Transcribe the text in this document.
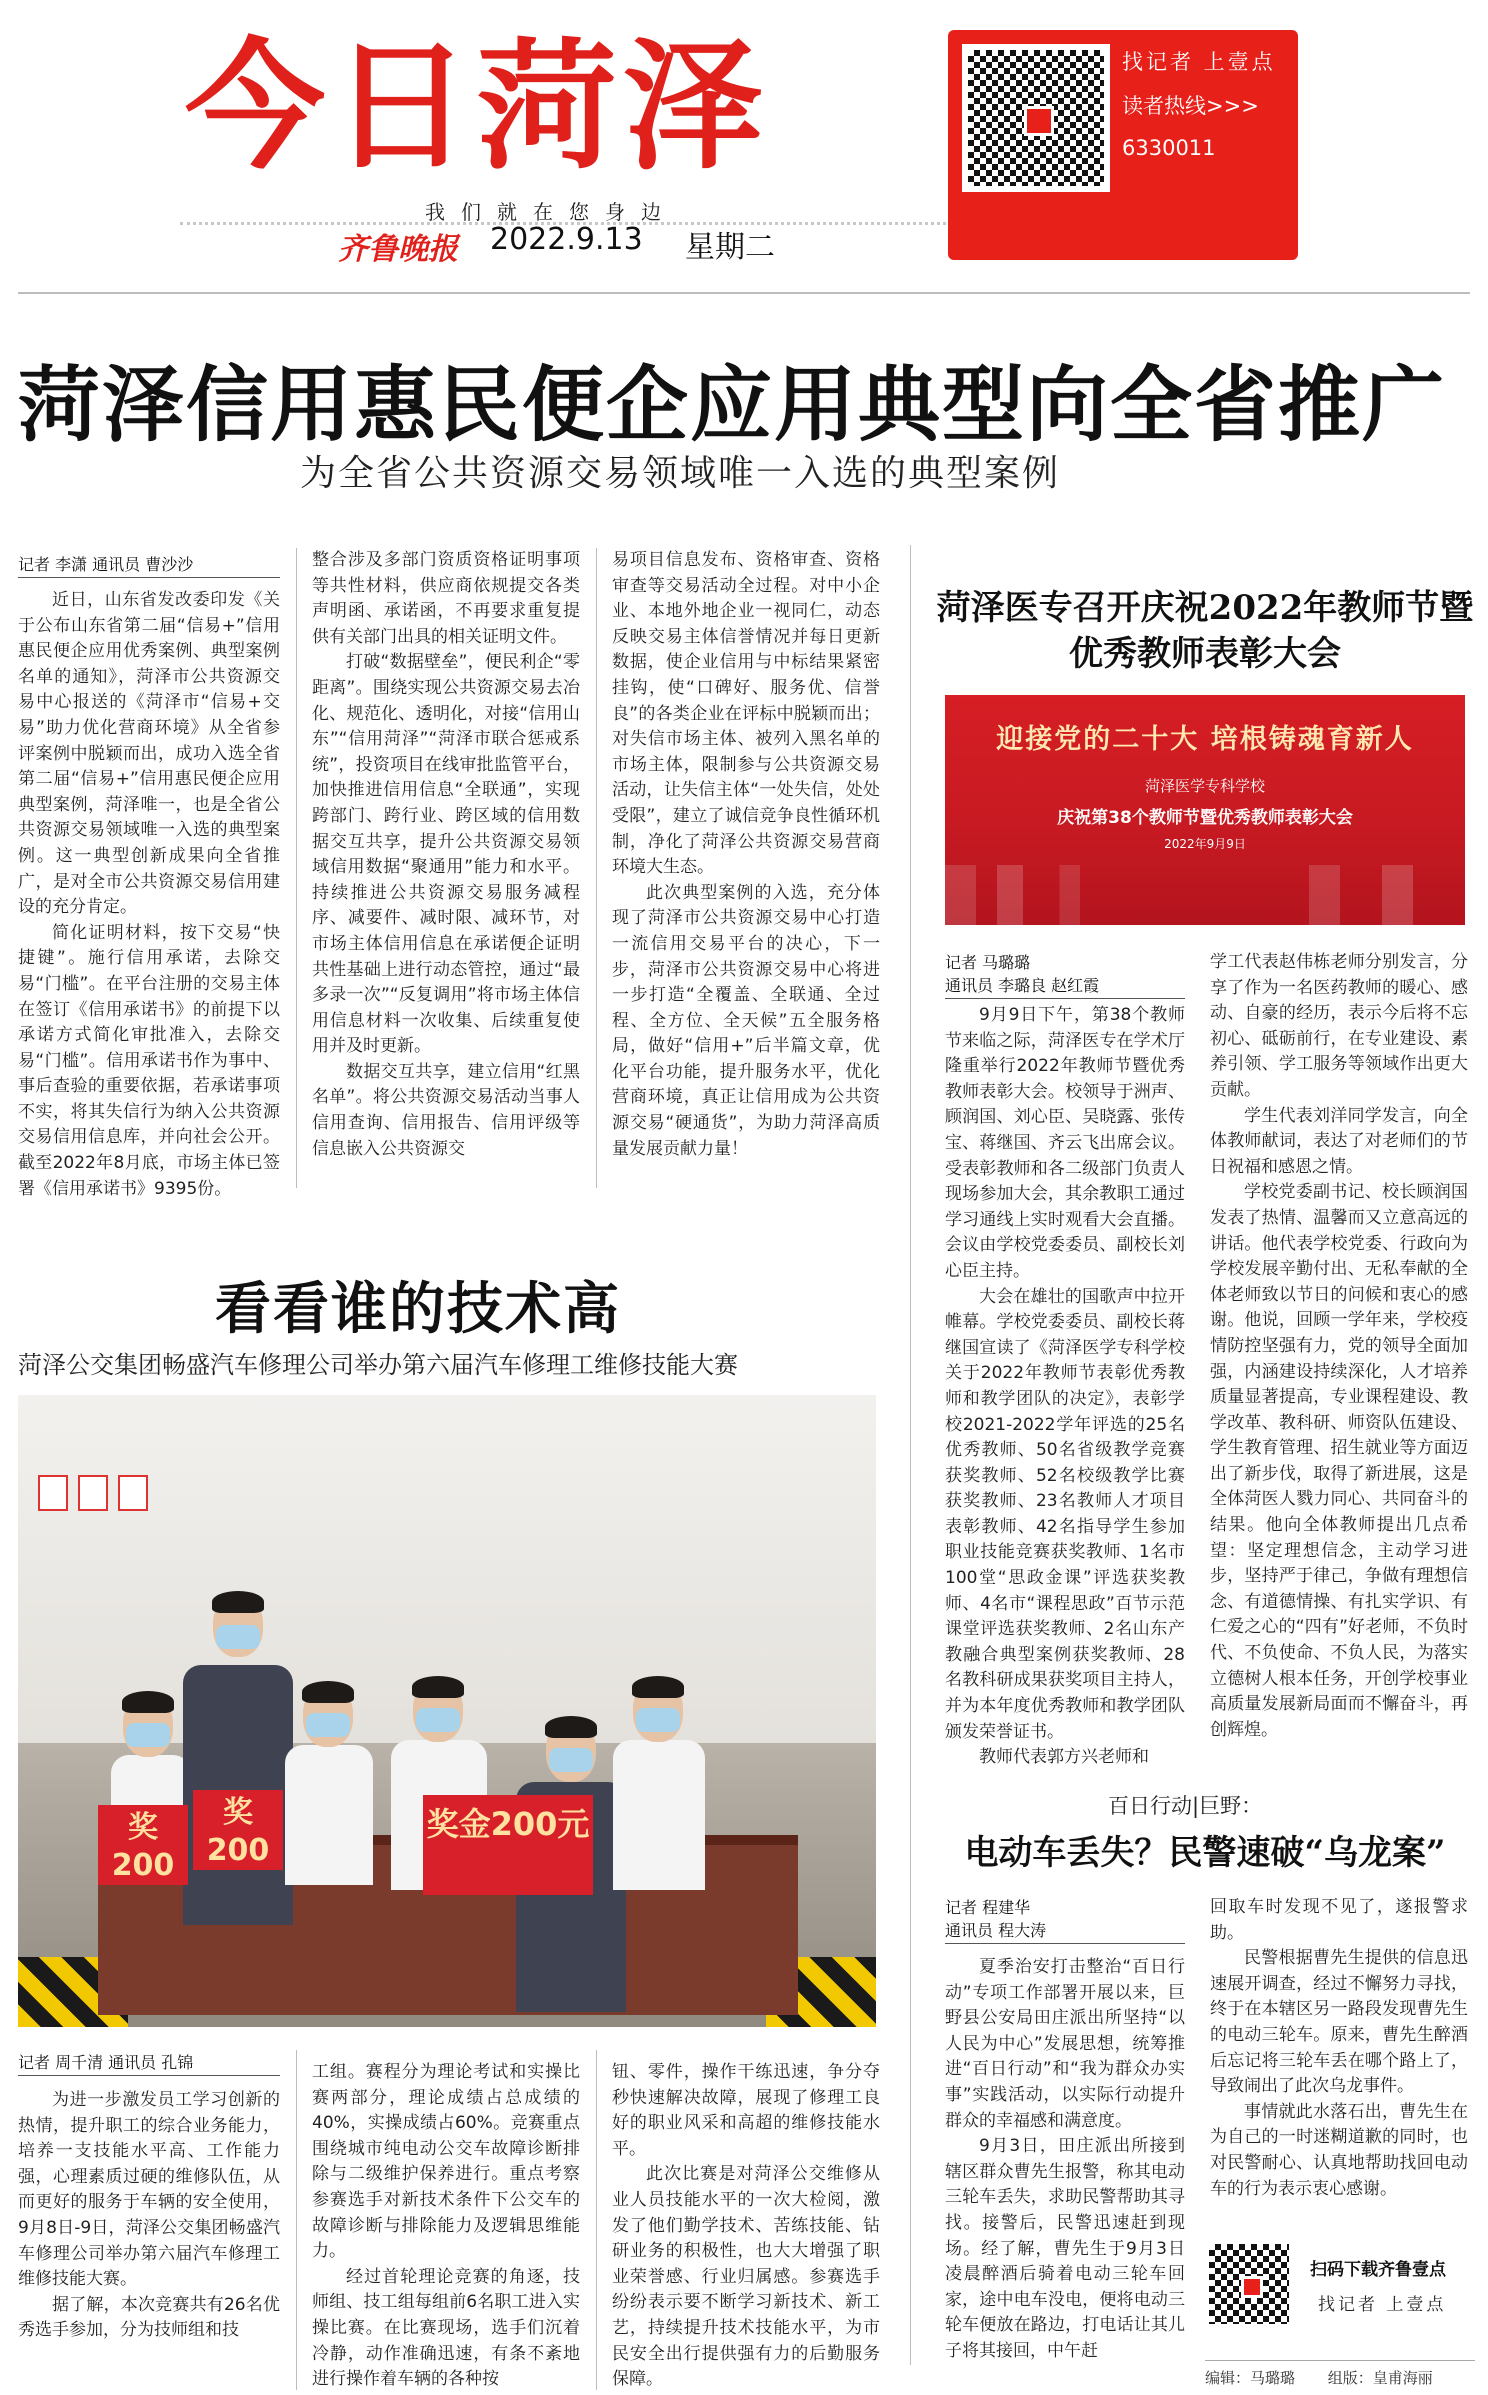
今日菏泽
我们就在您身边
齐鲁晚报 2022.9.13 星期二
找记者 上壹点
读者热线>>>
6330011
菏泽信用惠民便企应用典型向全省推广
为全省公共资源交易领域唯一入选的典型案例
记者 李潇 通讯员 曹沙沙

近日，山东省发改委印发《关于公布山东省第二届“信易+”信用惠民便企应用优秀案例、典型案例名单的通知》，菏泽市公共资源交易中心报送的《菏泽市“信易+交易”助力优化营商环境》从全省参评案例中脱颖而出，成功入选全省第二届“信易+”信用惠民便企应用典型案例，菏泽唯一，也是全省公共资源交易领域唯一入选的典型案例。这一典型创新成果向全省推广，是对全市公共资源交易信用建设的充分肯定。

简化证明材料，按下交易“快捷键”。施行信用承诺，去除交易“门槛”。在平台注册的交易主体在签订《信用承诺书》的前提下以承诺方式简化审批准入，去除交易“门槛”。信用承诺书作为事中、事后查验的重要依据，若承诺事项不实，将其失信行为纳入公共资源交易信用信息库，并向社会公开。截至2022年8月底，市场主体已签署《信用承诺书》9395份。

整合涉及多部门资质资格证明事项等共性材料，供应商依规提交各类声明函、承诺函，不再要求重复提供有关部门出具的相关证明文件。

打破“数据壁垒”，便民利企“零距离”。围绕实现公共资源交易去冶化、规范化、透明化，对接“信用山东”“信用菏泽”“菏泽市联合惩戒系统”，投资项目在线审批监管平台，加快推进信用信息“全联通”，实现跨部门、跨行业、跨区域的信用数据交互共享，提升公共资源交易领域信用数据“聚通用”能力和水平。持续推进公共资源交易服务减程序、减要件、减时限、减环节，对市场主体信用信息在承诺便企证明共性基础上进行动态管控，通过“最多录一次”“反复调用”将市场主体信用信息材料一次收集、后续重复使用并及时更新。

数据交互共享，建立信用“红黑名单”。将公共资源交易活动当事人信用查询、信用报告、信用评级等信息嵌入公共资源交

易项目信息发布、资格审查、资格审查等交易活动全过程。对中小企业、本地外地企业一视同仁，动态反映交易主体信誉情况并每日更新数据，使企业信用与中标结果紧密挂钩，使“口碑好、服务优、信誉良”的各类企业在评标中脱颖而出；对失信市场主体、被列入黑名单的市场主体，限制参与公共资源交易活动，让失信主体“一处失信，处处受限”，建立了诚信竞争良性循环机制，净化了菏泽公共资源交易营商环境大生态。

此次典型案例的入选，充分体现了菏泽市公共资源交易中心打造一流信用交易平台的决心，下一步，菏泽市公共资源交易中心将进一步打造“全覆盖、全联通、全过程、全方位、全天候”五全服务格局，做好“信用+”后半篇文章，优化平台功能，提升服务水平，优化营商环境，真正让信用成为公共资源交易“硬通货”，为助力菏泽高质量发展贡献力量！

菏泽医专召开庆祝2022年教师节暨优秀教师表彰大会
迎接党的二十大 培根铸魂育新人
菏泽医学专科学校
庆祝第38个教师节暨优秀教师表彰大会
2022年9月9日
记者 马璐璐
通讯员 李璐良 赵红霞

9月9日下午，第38个教师节来临之际，菏泽医专在学术厅隆重举行2022年教师节暨优秀教师表彰大会。校领导于洲声、顾润国、刘心臣、吴晓露、张传宝、蒋继国、齐云飞出席会议。受表彰教师和各二级部门负责人现场参加大会，其余教职工通过学习通线上实时观看大会直播。会议由学校党委委员、副校长刘心臣主持。

大会在雄壮的国歌声中拉开帷幕。学校党委委员、副校长蒋继国宣读了《菏泽医学专科学校关于2022年教师节表彰优秀教师和教学团队的决定》，表彰学校2021-2022学年评选的25名优秀教师、50名省级教学竞赛获奖教师、52名校级教学比赛获奖教师、23名教师人才项目表彰教师、42名指导学生参加职业技能竞赛获奖教师、1名市100堂“思政金课”评选获奖教师、4名市“课程思政”百节示范课堂评选获奖教师、2名山东产教融合典型案例获奖教师、28名教科研成果获奖项目主持人，并为本年度优秀教师和教学团队颁发荣誉证书。

教师代表郭方兴老师和

学工代表赵伟栋老师分别发言，分享了作为一名医药教师的暖心、感动、自豪的经历，表示今后将不忘初心、砥砺前行，在专业建设、素养引领、学工服务等领域作出更大贡献。

学生代表刘洋同学发言，向全体教师献词，表达了对老师们的节日祝福和感恩之情。

学校党委副书记、校长顾润国发表了热情、温馨而又立意高远的讲话。他代表学校党委、行政向为学校发展辛勤付出、无私奉献的全体老师致以节日的问候和衷心的感谢。他说，回顾一学年来，学校疫情防控坚强有力，党的领导全面加强，内涵建设持续深化，人才培养质量显著提高，专业课程建设、教学改革、教科研、师资队伍建设、学生教育管理、招生就业等方面迈出了新步伐，取得了新进展，这是全体菏医人戮力同心、共同奋斗的结果。他向全体教师提出几点希望：坚定理想信念，主动学习进步，坚持严于律己，争做有理想信念、有道德情操、有扎实学识、有仁爱之心的“四有”好老师，不负时代、不负使命、不负人民，为落实立德树人根本任务，开创学校事业高质量发展新局面而不懈奋斗，再创辉煌。

看看谁的技术高
菏泽公交集团畅盛汽车修理公司举办第六届汽车修理工维修技能大赛
奖
200
奖
200
奖金200元
记者 周千清 通讯员 孔锦

为进一步激发员工学习创新的热情，提升职工的综合业务能力，培养一支技能水平高、工作能力强，心理素质过硬的维修队伍，从而更好的服务于车辆的安全使用，9月8日-9日，菏泽公交集团畅盛汽车修理公司举办第六届汽车修理工维修技能大赛。

据了解，本次竞赛共有26名优秀选手参加，分为技师组和技

工组。赛程分为理论考试和实操比赛两部分，理论成绩占总成绩的40%，实操成绩占60%。竞赛重点围绕城市纯电动公交车故障诊断排除与二级维护保养进行。重点考察参赛选手对新技术条件下公交车的故障诊断与排除能力及逻辑思维能力。

经过首轮理论竞赛的角逐，技师组、技工组每组前6名职工进入实操比赛。在比赛现场，选手们沉着冷静，动作准确迅速，有条不紊地进行操作着车辆的各种按

钮、零件，操作干练迅速，争分夺秒快速解决故障，展现了修理工良好的职业风采和高超的维修技能水平。

此次比赛是对菏泽公交维修从业人员技能水平的一次大检阅，激发了他们勤学技术、苦练技能、钻研业务的积极性，也大大增强了职业荣誉感、行业归属感。参赛选手纷纷表示要不断学习新技术、新工艺，持续提升技术技能水平，为市民安全出行提供强有力的后勤服务保障。

百日行动|巨野：
电动车丢失？民警速破“乌龙案”
记者 程建华
通讯员 程大涛

夏季治安打击整治“百日行动”专项工作部署开展以来，巨野县公安局田庄派出所坚持“以人民为中心”发展思想，统筹推进“百日行动”和“我为群众办实事”实践活动，以实际行动提升群众的幸福感和满意度。

9月3日，田庄派出所接到辖区群众曹先生报警，称其电动三轮车丢失，求助民警帮助其寻找。接警后，民警迅速赶到现场。经了解，曹先生于9月3日凌晨醉酒后骑着电动三轮车回家，途中电车没电，便将电动三轮车便放在路边，打电话让其儿子将其接回，中午赶

回取车时发现不见了，遂报警求助。

民警根据曹先生提供的信息迅速展开调查，经过不懈努力寻找，终于在本辖区另一路段发现曹先生的电动三轮车。原来，曹先生醉酒后忘记将三轮车丢在哪个路上了，导致闹出了此次乌龙事件。

事情就此水落石出，曹先生在为自己的一时迷糊道歉的同时，也对民警耐心、认真地帮助找回电动车的行为表示衷心感谢。

扫码下载齐鲁壹点
找记者 上壹点
编辑：马璐璐 组版：皇甫海丽
